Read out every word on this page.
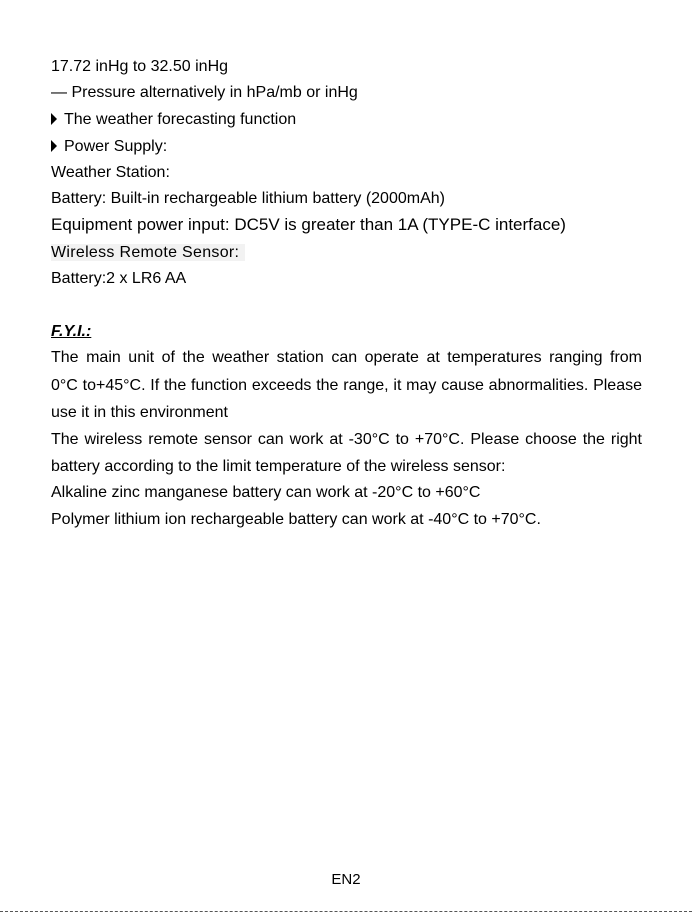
17.72 inHg to 32.50 inHg
— Pressure alternatively in hPa/mb or inHg
The weather forecasting function
Power Supply:
Weather Station:
Battery: Built-in rechargeable lithium battery (2000mAh)
Equipment power input: DC5V is greater than 1A (TYPE-C interface)
Wireless Remote Sensor:
Battery:2 x LR6 AA
F.Y.I.:
The main unit of the weather station can operate at temperatures ranging from
0°C to+45°C. If the function exceeds the range, it may cause abnormalities. Please
use it in this environment
The wireless remote sensor can work at -30°C to +70°C. Please choose the right
battery according to the limit temperature of the wireless sensor:
Alkaline zinc manganese battery can work at -20°C to +60°C
Polymer lithium ion rechargeable battery can work at -40°C to +70°C.
EN2
